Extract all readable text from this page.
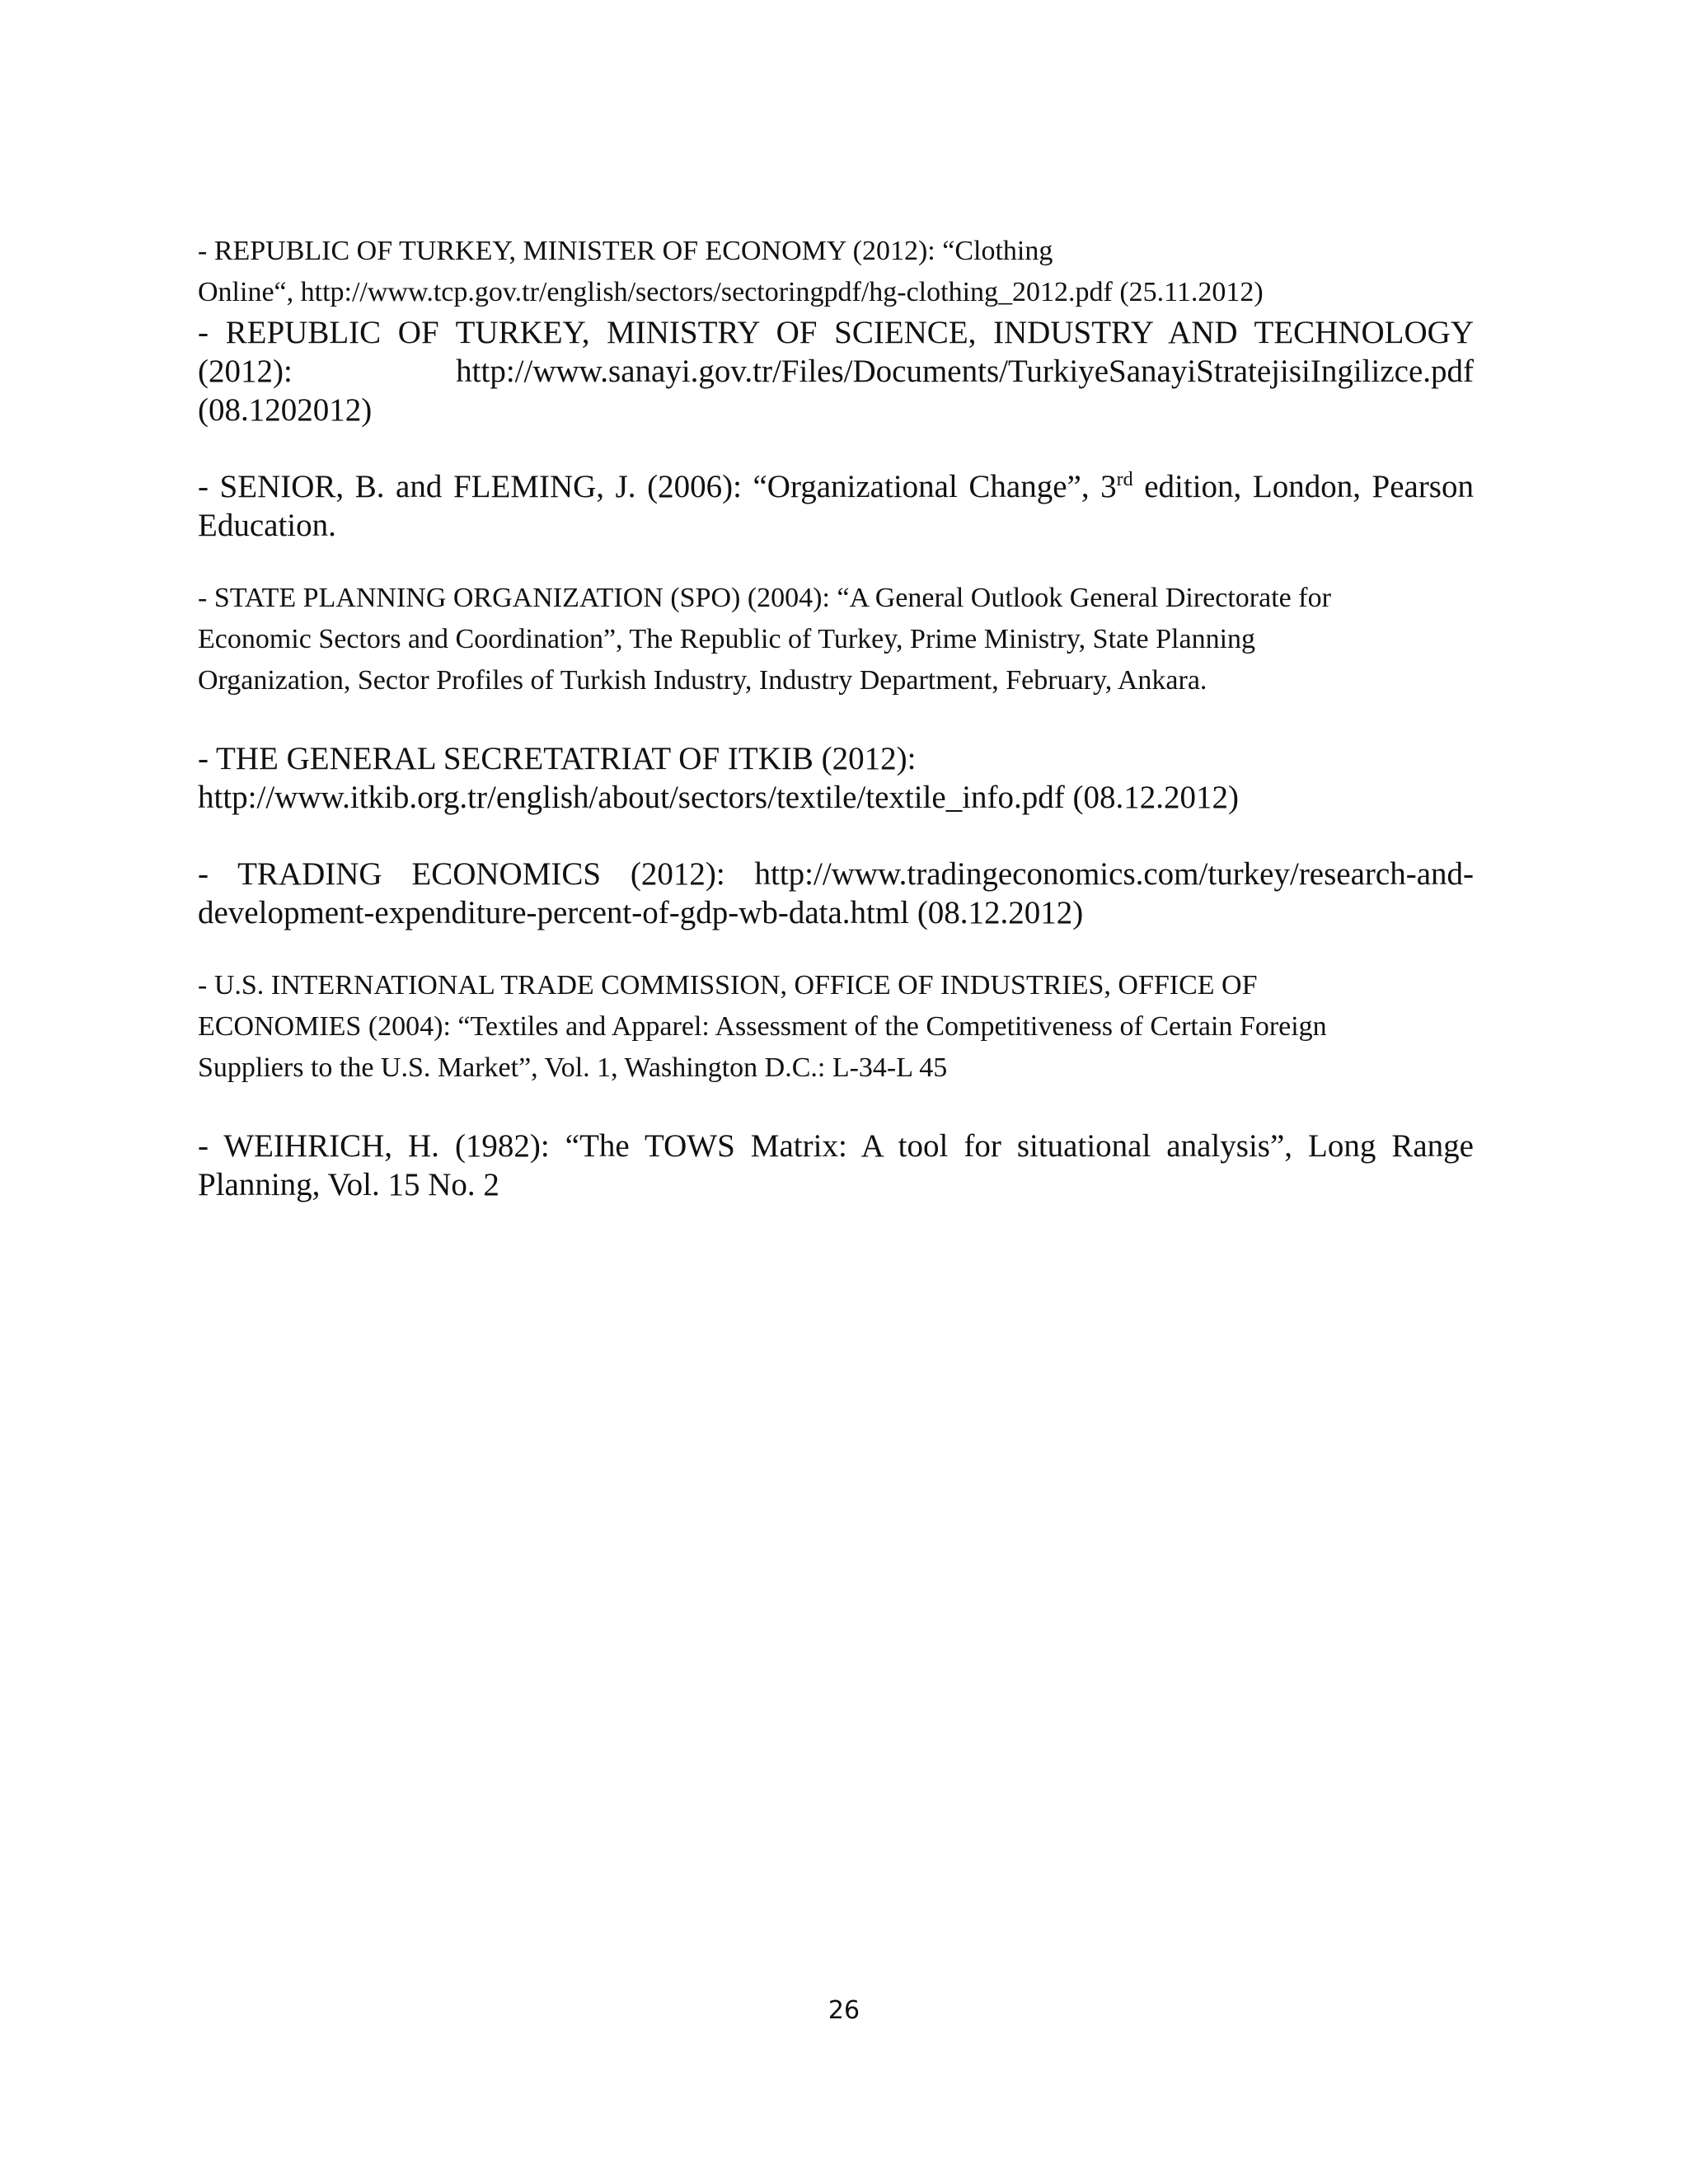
- REPUBLIC OF TURKEY, MINISTER OF ECONOMY (2012): “Clothing
Online“, http://www.tcp.gov.tr/english/sectors/sectoringpdf/hg-clothing_2012.pdf (25.11.2012)

- REPUBLIC OF TURKEY, MINISTRY OF SCIENCE, INDUSTRY AND TECHNOLOGY
(2012): http://www.sanayi.gov.tr/Files/Documents/TurkiyeSanayiStratejisiIngilizce.pdf
(08.1202012)

- SENIOR, B. and FLEMING, J. (2006): “Organizational Change”, 3rd edition, London, Pearson Education.

- STATE PLANNING ORGANIZATION (SPO) (2004): “A General Outlook General Directorate for
Economic Sectors and Coordination”, The Republic of Turkey, Prime Ministry, State Planning
Organization, Sector Profiles of Turkish Industry, Industry Department, February, Ankara.

- THE GENERAL SECRETATRIAT OF ITKIB (2012):
http://www.itkib.org.tr/english/about/sectors/textile/textile_info.pdf (08.12.2012)

- TRADING ECONOMICS (2012): http://www.tradingeconomics.com/turkey/research-and-development-expenditure-percent-of-gdp-wb-data.html (08.12.2012)

- U.S. INTERNATIONAL TRADE COMMISSION, OFFICE OF INDUSTRIES, OFFICE OF
ECONOMIES (2004): “Textiles and Apparel: Assessment of the Competitiveness of Certain Foreign
Suppliers to the U.S. Market”, Vol. 1, Washington D.C.: L-34-L 45

- WEIHRICH, H. (1982): “The TOWS Matrix: A tool for situational analysis”, Long Range Planning, Vol. 15 No. 2

26
